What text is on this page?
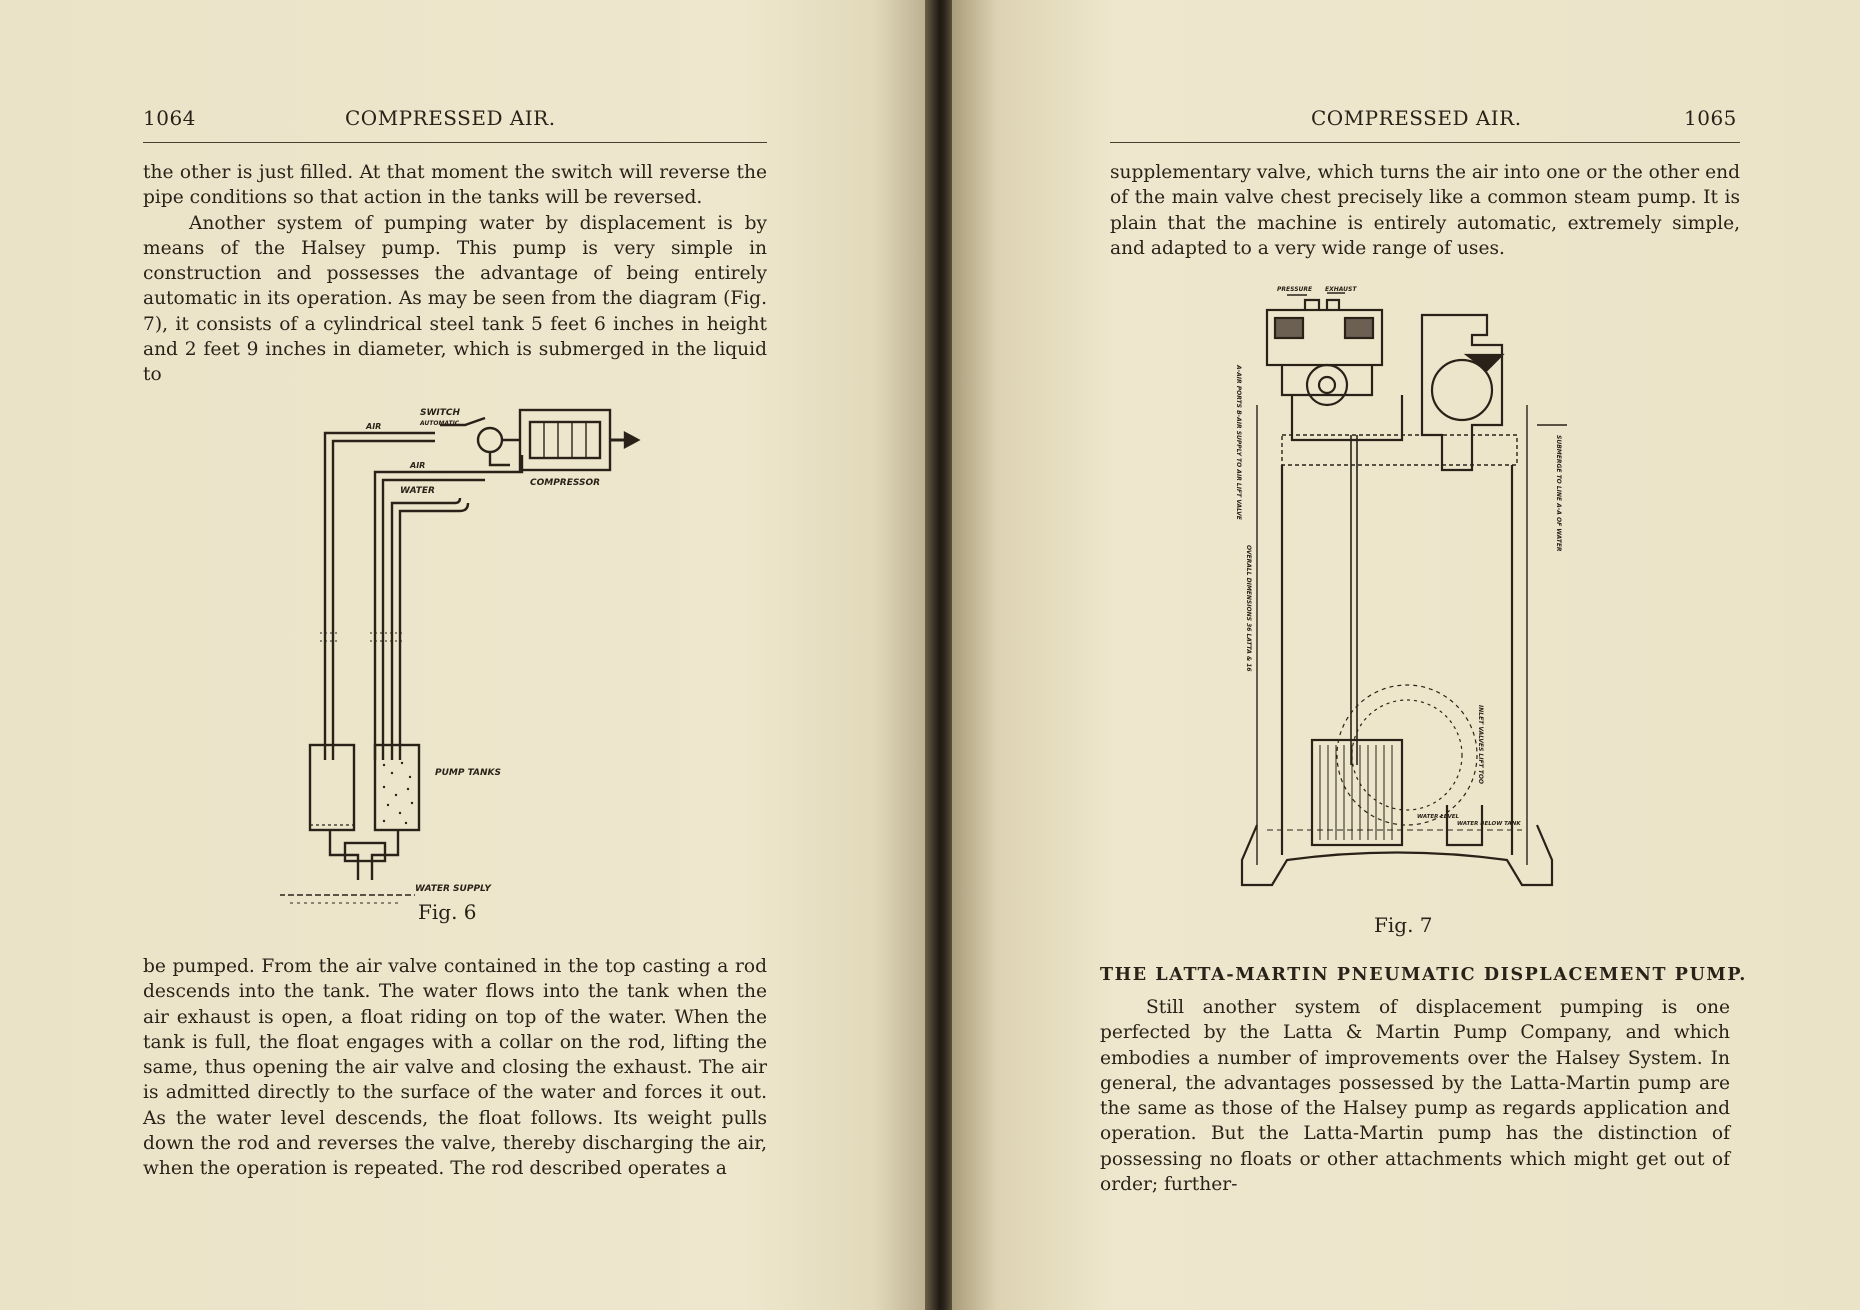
1064	COMPRESSED AIR.

the other is just filled. At that moment the switch will reverse the pipe conditions so that action in the tanks will be reversed.

Another system of pumping water by displacement is by means of the Halsey pump. This pump is very simple in construction and possesses the advantage of being entirely automatic in its operation. As may be seen from the diagram (Fig. 7), it consists of a cylindrical steel tank 5 feet 6 inches in height and 2 feet 9 inches in diameter, which is submerged in the liquid to

SWITCH
AUTOMATIC
AIR
AIR
WATER
COMPRESSOR
PUMP TANKS
WATER SUPPLY
Fig. 6

be pumped. From the air valve contained in the top casting a rod descends into the tank. The water flows into the tank when the air exhaust is open, a float riding on top of the water. When the tank is full, the float engages with a collar on the rod, lifting the same, thus opening the air valve and closing the exhaust. The air is admitted directly to the surface of the water and forces it out. As the water level descends, the float follows. Its weight pulls down the rod and reverses the valve, thereby discharging the air, when the operation is repeated. The rod described operates a

COMPRESSED AIR.	1065

supplementary valve, which turns the air into one or the other end of the main valve chest precisely like a common steam pump. It is plain that the machine is entirely automatic, extremely simple, and adapted to a very wide range of uses.

PRESSURE EXHAUST
A-AIR PORTS B-AIR SUPPLY TO AIR LIFT VALVE	SUBMERGE TO LINE A-A OF WATER
OVERALL DIMENSIONS 36 LATTA & 16
INLET VALVES LIFT TOO
WATER LEVEL
WATER BELOW TANK
Fig. 7
THE LATTA-MARTIN PNEUMATIC DISPLACEMENT PUMP.

Still another system of displacement pumping is one perfected by the Latta & Martin Pump Company, and which embodies a number of improvements over the Halsey System. In general, the advantages possessed by the Latta-Martin pump are the same as those of the Halsey pump as regards application and operation. But the Latta-Martin pump has the distinction of possessing no floats or other attachments which might get out of order; further-
